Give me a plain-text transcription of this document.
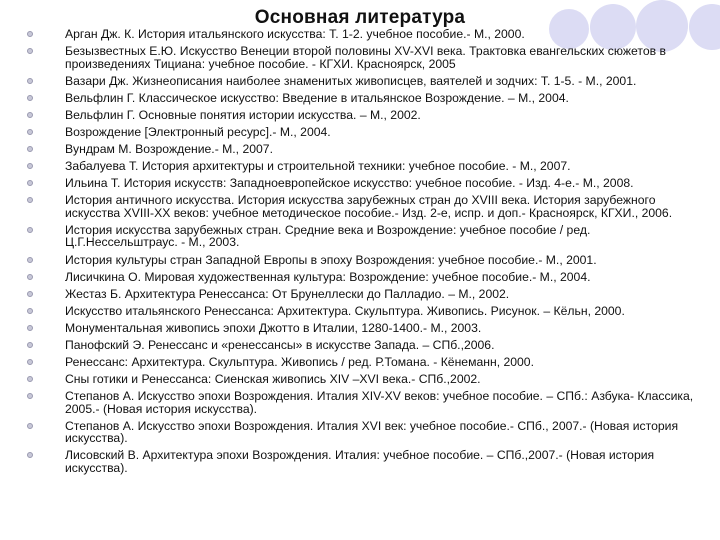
Основная литература
Арган Дж. К. История итальянского искусства: Т. 1-2. учебное пособие.- М., 2000.
Безызвестных Е.Ю. Искусство Венеции второй половины XV-XVI века. Трактовка евангельских сюжетов в произведениях Тициана: учебное пособие. - КГХИ. Красноярск, 2005
Вазари Дж. Жизнеописания наиболее знаменитых живописцев, ваятелей и зодчих: Т. 1-5. - М., 2001.
Вельфлин Г. Классическое искусство: Введение в итальянское Возрождение. – М., 2004.
Вельфлин Г. Основные понятия истории искусства. – М., 2002.
Возрождение [Электронный ресурс].- М., 2004.
Вундрам М. Возрождение.- М., 2007.
Забалуева Т. История архитектуры и строительной техники: учебное пособие. - М., 2007.
Ильина Т. История искусств: Западноевропейское искусство: учебное пособие. - Изд. 4-е.- М., 2008.
История античного искусства. История искусства зарубежных стран до XVIII века. История зарубежного искусства XVIII-XX веков: учебное методическое пособие.- Изд. 2-е, испр. и доп.- Красноярск, КГХИ., 2006.
История искусства зарубежных стран. Средние века и Возрождение: учебное пособие / ред. Ц.Г.Нессельштраус. - М., 2003.
История культуры стран Западной Европы в эпоху Возрождения: учебное пособие.- М., 2001.
Лисичкина О. Мировая художественная культура: Возрождение: учебное пособие.- М., 2004.
Жестаз Б. Архитектура Ренессанса: От Брунеллески до Палладио. – М., 2002.
Искусство итальянского Ренессанса: Архитектура. Скульптура. Живопись. Рисунок. – Кёльн, 2000.
Монументальная живопись эпохи Джотто в Италии, 1280-1400.- М., 2003.
Панофский Э. Ренессанс и «ренессансы» в искусстве Запада. – СПб.,2006.
Ренессанс: Архитектура. Скульптура. Живопись / ред. Р.Томана. - Кёнеманн, 2000.
Сны готики и Ренессанса: Сиенская живопись XIV –XVI века.- СПб.,2002.
Степанов А. Искусство эпохи Возрождения. Италия XIV-XV веков: учебное пособие. – СПб.: Азбука- Классика, 2005.- (Новая история искусства).
Степанов А. Искусство эпохи Возрождения. Италия XVI век: учебное пособие.- СПб., 2007.- (Новая история искусства).
Лисовский В. Архитектура эпохи Возрождения. Италия: учебное пособие. – СПб.,2007.- (Новая история искусства).
